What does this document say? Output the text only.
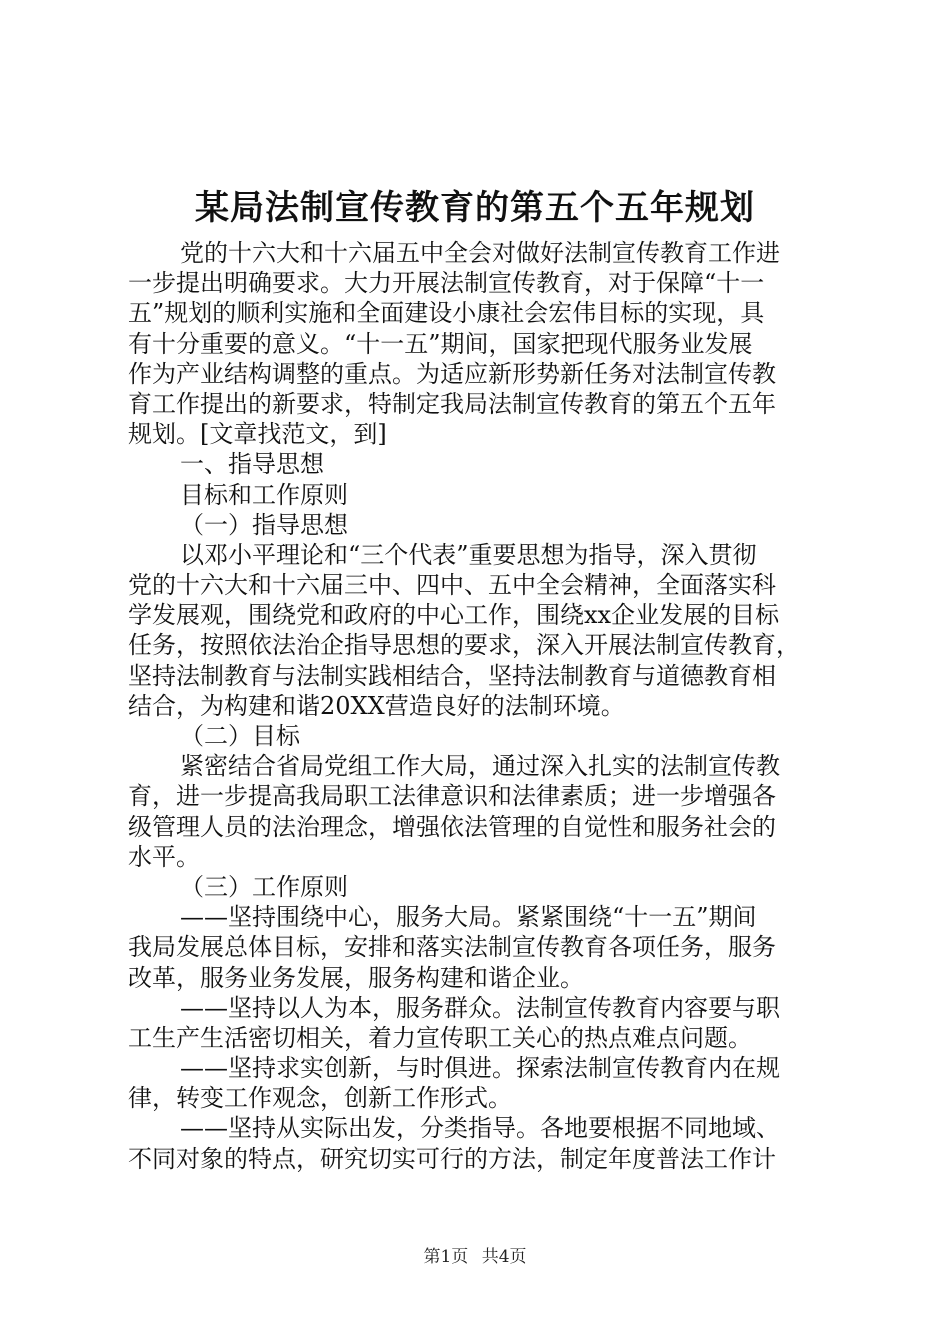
某局法制宣传教育的第五个五年规划
党的十六大和十六届五中全会对做好法制宣传教育工作进
一步提出明确要求。大力开展法制宣传教育，对于保障“十一
五”规划的顺利实施和全面建设小康社会宏伟目标的实现，具
有十分重要的意义。“十一五”期间，国家把现代服务业发展
作为产业结构调整的重点。为适应新形势新任务对法制宣传教
育工作提出的新要求，特制定我局法制宣传教育的第五个五年
规划。[文章找范文，到]
一、指导思想
目标和工作原则
（一）指导思想
以邓小平理论和“三个代表”重要思想为指导，深入贯彻
党的十六大和十六届三中、四中、五中全会精神，全面落实科
学发展观，围绕党和政府的中心工作，围绕xx企业发展的目标
任务，按照依法治企指导思想的要求，深入开展法制宣传教育，
坚持法制教育与法制实践相结合，坚持法制教育与道德教育相
结合，为构建和谐20XX营造良好的法制环境。
（二）目标
紧密结合省局党组工作大局，通过深入扎实的法制宣传教
育，进一步提高我局职工法律意识和法律素质；进一步增强各
级管理人员的法治理念，增强依法管理的自觉性和服务社会的
水平。
（三）工作原则
——坚持围绕中心，服务大局。紧紧围绕“十一五”期间
我局发展总体目标，安排和落实法制宣传教育各项任务，服务
改革，服务业务发展，服务构建和谐企业。
——坚持以人为本，服务群众。法制宣传教育内容要与职
工生产生活密切相关，着力宣传职工关心的热点难点问题。
——坚持求实创新，与时俱进。探索法制宣传教育内在规
律，转变工作观念，创新工作形式。
——坚持从实际出发，分类指导。各地要根据不同地域、
不同对象的特点，研究切实可行的方法，制定年度普法工作计
第1页 共4页
